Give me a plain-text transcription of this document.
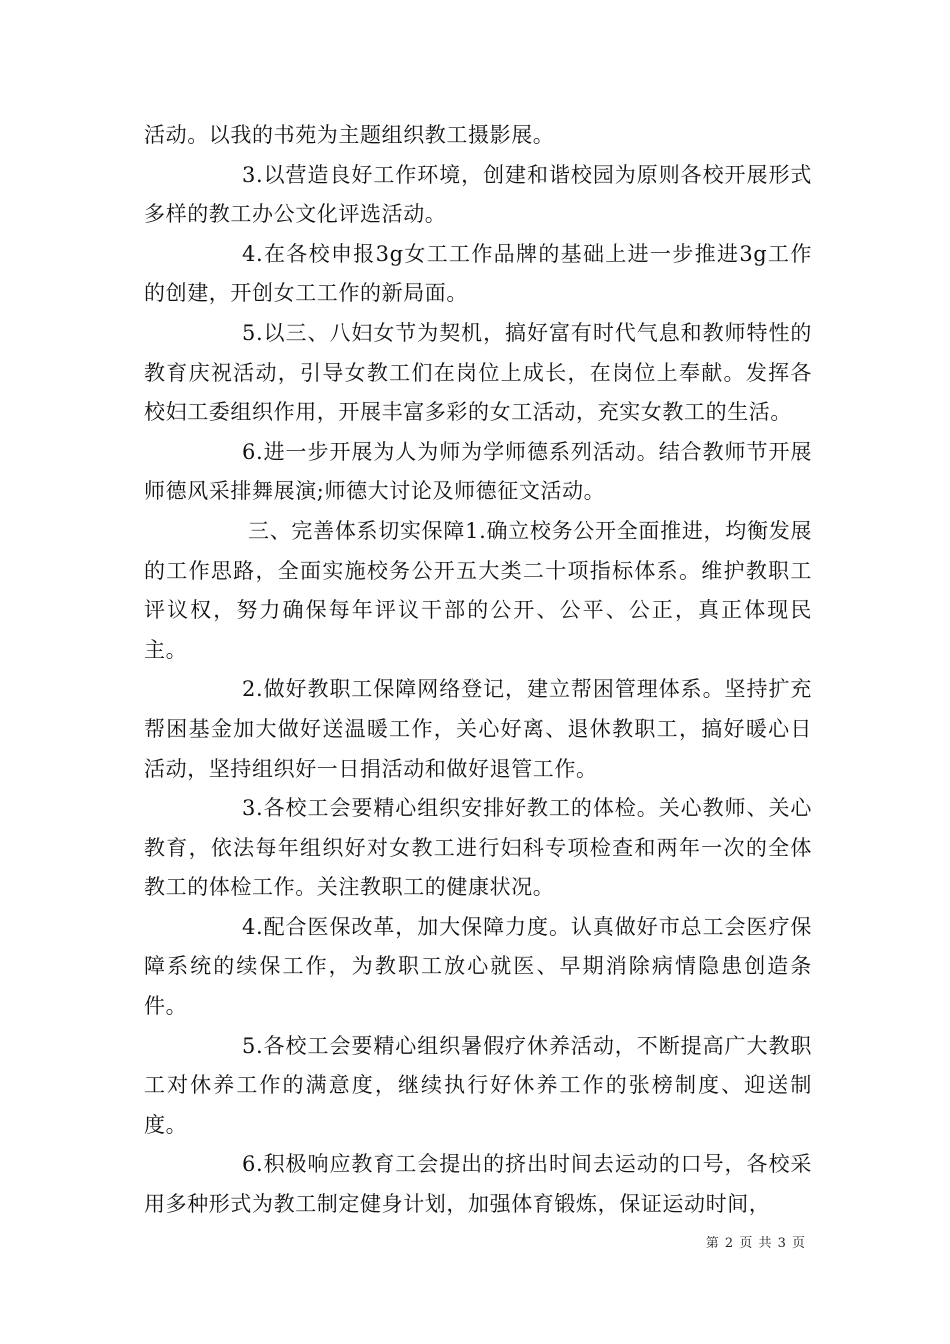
活动。以我的书苑为主题组织教工摄影展。

3.以营造良好工作环境，创建和谐校园为原则各校开展形式多样的教工办公文化评选活动。

4.在各校申报3g女工工作品牌的基础上进一步推进3g工作的创建，开创女工工作的新局面。

5.以三、八妇女节为契机，搞好富有时代气息和教师特性的教育庆祝活动，引导女教工们在岗位上成长，在岗位上奉献。发挥各校妇工委组织作用，开展丰富多彩的女工活动，充实女教工的生活。

6.进一步开展为人为师为学师德系列活动。结合教师节开展师德风采排舞展演;师德大讨论及师德征文活动。

三、完善体系切实保障1.确立校务公开全面推进，均衡发展的工作思路，全面实施校务公开五大类二十项指标体系。维护教职工评议权，努力确保每年评议干部的公开、公平、公正，真正体现民主。

2.做好教职工保障网络登记，建立帮困管理体系。坚持扩充帮困基金加大做好送温暖工作，关心好离、退休教职工，搞好暖心日活动，坚持组织好一日捐活动和做好退管工作。

3.各校工会要精心组织安排好教工的体检。关心教师、关心教育，依法每年组织好对女教工进行妇科专项检查和两年一次的全体教工的体检工作。关注教职工的健康状况。

4.配合医保改革，加大保障力度。认真做好市总工会医疗保障系统的续保工作，为教职工放心就医、早期消除病情隐患创造条件。

5.各校工会要精心组织暑假疗休养活动，不断提高广大教职工对休养工作的满意度，继续执行好休养工作的张榜制度、迎送制度。

6.积极响应教育工会提出的挤出时间去运动的口号，各校采用多种形式为教工制定健身计划，加强体育锻炼，保证运动时间，

第 2 页 共 3 页
